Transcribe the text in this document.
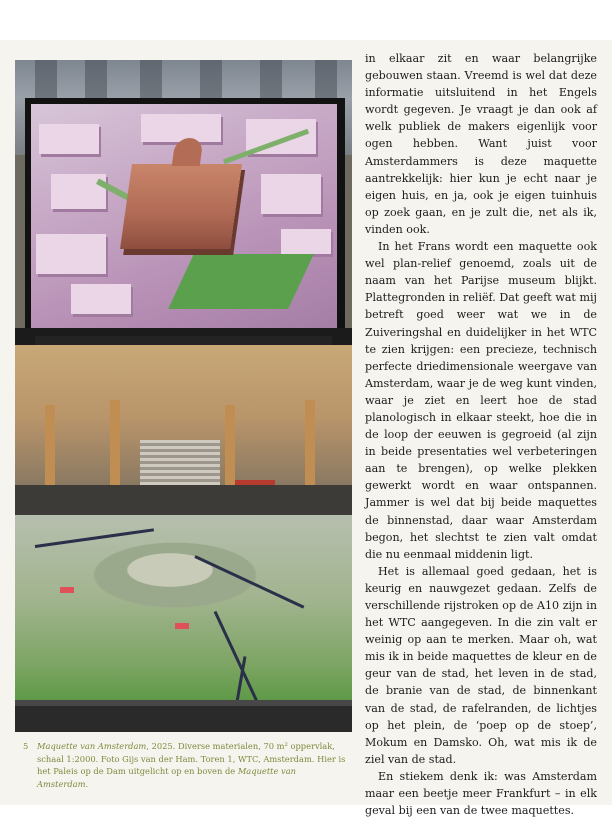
5 Maquette van Amsterdam, 2025. Diverse materialen, 70 m² oppervlak, schaal 1:2000. Foto Gijs van der Ham. Toren 1, WTC, Amsterdam. Hier is het Paleis op de Dam uitgelicht op en boven de Maquette van Amsterdam.

in elkaar zit en waar belangrijke gebouwen staan. Vreemd is wel dat deze informatie uitsluitend in het Engels wordt gegeven. Je vraagt je dan ook af welk publiek de makers eigenlijk voor ogen hebben. Want juist voor Amsterdammers is deze maquette aantrekkelijk: hier kun je echt naar je eigen huis, en ja, ook je eigen tuinhuis op zoek gaan, en je zult die, net als ik, vinden ook.

In het Frans wordt een maquette ook wel plan-relief genoemd, zoals uit de naam van het Parijse museum blijkt. Plattegronden in reliëf. Dat geeft wat mij betreft goed weer wat we in de Zuiveringshal en duidelijker in het WTC te zien krijgen: een precieze, technisch perfecte driedimensionale weergave van Amsterdam, waar je de weg kunt vinden, waar je ziet en leert hoe de stad planologisch in elkaar steekt, hoe die in de loop der eeuwen is gegroeid (al zijn in beide presentaties wel verbeteringen aan te brengen), op welke plekken gewerkt wordt en waar ontspannen. Jammer is wel dat bij beide maquettes de binnenstad, daar waar Amsterdam begon, het slechtst te zien valt omdat die nu eenmaal middenin ligt.

Het is allemaal goed gedaan, het is keurig en nauwgezet gedaan. Zelfs de verschillende rijstroken op de A10 zijn in het WTC aangegeven. In die zin valt er weinig op aan te merken. Maar oh, wat mis ik in beide maquettes de kleur en de geur van de stad, het leven in de stad, de branie van de stad, de binnenkant van de stad, de rafelranden, de lichtjes op het plein, de ‘poep op de stoep’, Mokum en Damsko. Oh, wat mis ik de ziel van de stad.

En stiekem denk ik: was Amsterdam maar een beetje meer Frankfurt – in elk geval bij een van de twee maquettes.
